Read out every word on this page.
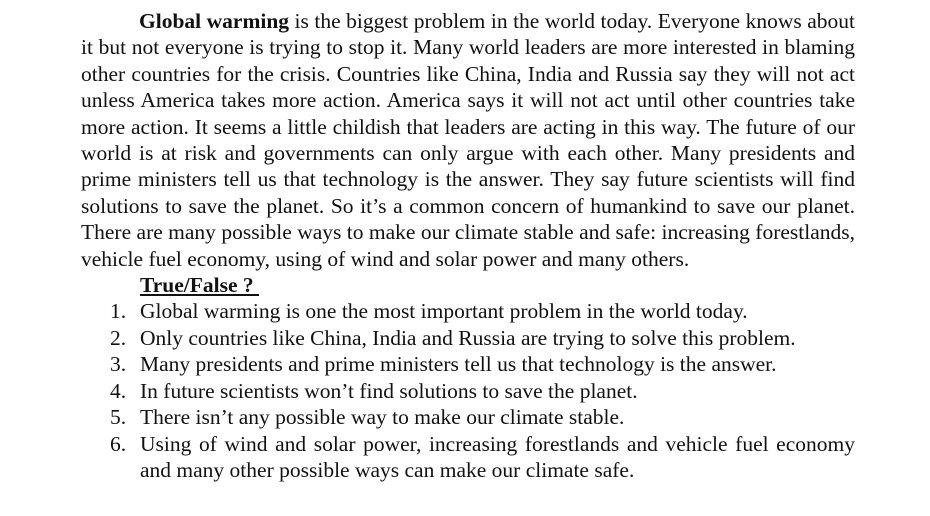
Global warming is the biggest problem in the world today. Everyone knows about it but not everyone is trying to stop it. Many world leaders are more interested in blaming other countries for the crisis. Countries like China, India and Russia say they will not act unless America takes more action. America says it will not act until other countries take more action. It seems a little childish that leaders are acting in this way. The future of our world is at risk and governments can only argue with each other. Many presidents and prime ministers tell us that technology is the answer. They say future scientists will find solutions to save the planet. So it’s a common concern of humankind to save our planet. There are many possible ways to make our climate stable and safe: increasing forestlands, vehicle fuel economy, using of wind and solar power and many others.

True/False ?
1. Global warming is one the most important problem in the world today.
2. Only countries like China, India and Russia are trying to solve this problem.
3. Many presidents and prime ministers tell us that technology is the answer.
4. In future scientists won’t find solutions to save the planet.
5. There isn’t any possible way to make our climate stable.
6. Using of wind and solar power, increasing forestlands and vehicle fuel economy and many other possible ways can make our climate safe.
